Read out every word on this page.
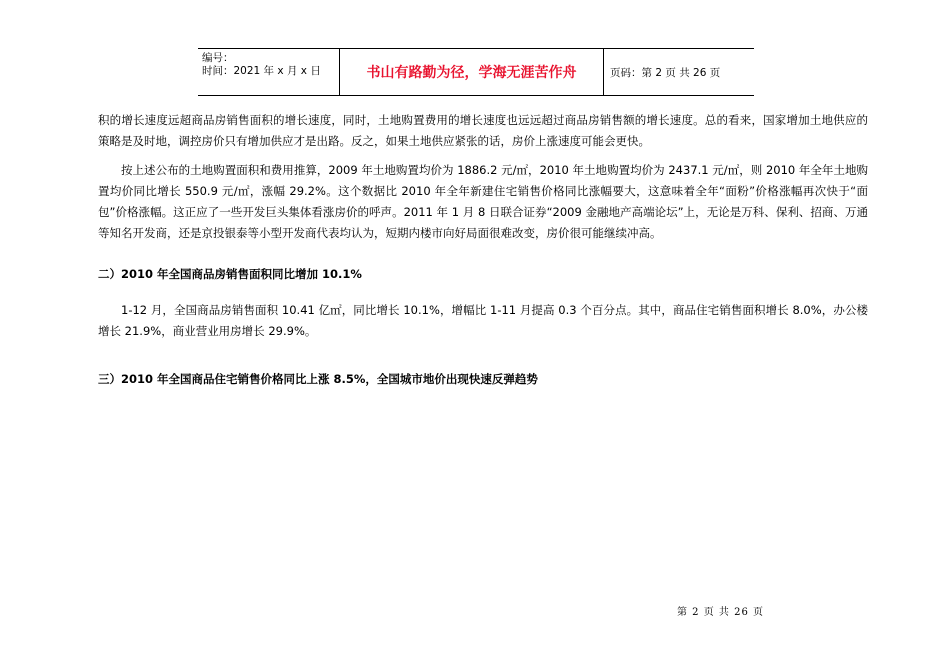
编号：
时间：2021 年 x 月 x 日	书山有路勤为径，学海无涯苦作舟	页码：第 2 页 共 26 页
积的增长速度远超商品房销售面积的增长速度，同时，土地购置费用的增长速度也远远超过商品房销售额的增长速度。总的看来，国家增加土地供应的策略是及时地，调控房价只有增加供应才是出路。反之，如果土地供应紧张的话，房价上涨速度可能会更快。
按上述公布的土地购置面积和费用推算，2009 年土地购置均价为 1886.2 元/㎡，2010 年土地购置均价为 2437.1 元/㎡，则 2010 年全年土地购置均价同比增长 550.9 元/㎡，涨幅 29.2%。这个数据比 2010 年全年新建住宅销售价格同比涨幅要大，这意味着全年“面粉”价格涨幅再次快于“面包”价格涨幅。这正应了一些开发巨头集体看涨房价的呼声。2011 年 1 月 8 日联合证券“2009 金融地产高端论坛”上，无论是万科、保利、招商、万通等知名开发商，还是京投银泰等小型开发商代表均认为，短期内楼市向好局面很难改变，房价很可能继续冲高。
二）2010 年全国商品房销售面积同比增加 10.1%
1-12 月，全国商品房销售面积 10.41 亿㎡，同比增长 10.1%，增幅比 1-11 月提高 0.3 个百分点。其中，商品住宅销售面积增长 8.0%，办公楼增长 21.9%，商业营业用房增长 29.9%。
三）2010 年全国商品住宅销售价格同比上涨 8.5%，全国城市地价出现快速反弹趋势
第 2 页 共 26 页
